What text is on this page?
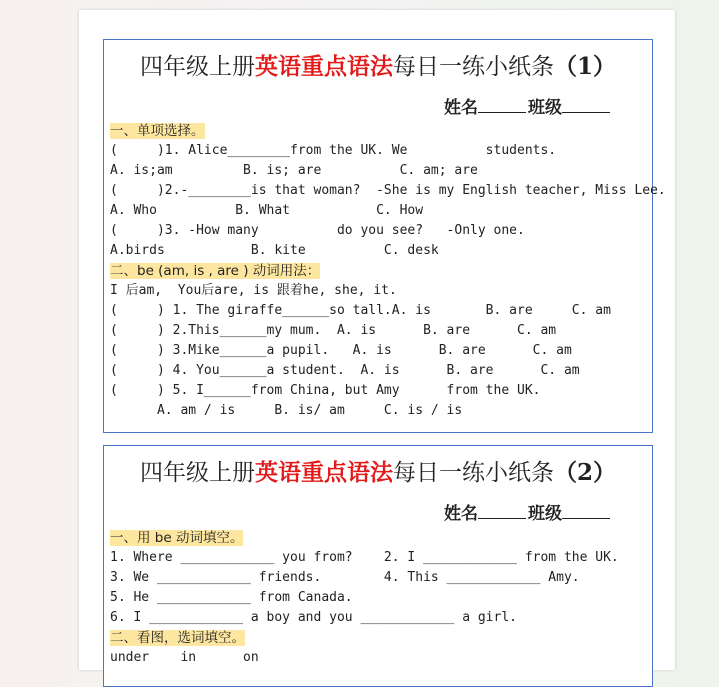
四年级上册英语重点语法每日一练小纸条（1）
姓名	班级
一、单项选择。
(     )1. Alice________from the UK. We          students.
A. is;am         B. is; are          C. am; are
(     )2.-________is that woman?  -She is my English teacher, Miss Lee.
A. Who          B. What           C. How
(     )3. -How many          do you see?   -Only one.
A.birds           B. kite          C. desk
二、be (am, is , are ) 动词用法：
I 后am,  You后are, is 跟着he, she, it.
(     ) 1. The giraffe______so tall.A. is       B. are     C. am
(     ) 2.This______my mum.  A. is      B. are      C. am
(     ) 3.Mike______a pupil.   A. is      B. are      C. am
(     ) 4. You______a student.  A. is      B. are      C. am
(     ) 5. I______from China, but Amy      from the UK.
A. am / is     B. is/ am     C. is / is
四年级上册英语重点语法每日一练小纸条（2）
姓名	班级
一、用 be 动词填空。
1. Where ____________ you from?    2. I ____________ from the UK.
3. We ____________ friends.        4. This ____________ Amy.
5. He ____________ from Canada.
6. I ____________ a boy and you ____________ a girl.
二、看图，选词填空。
under    in      on
